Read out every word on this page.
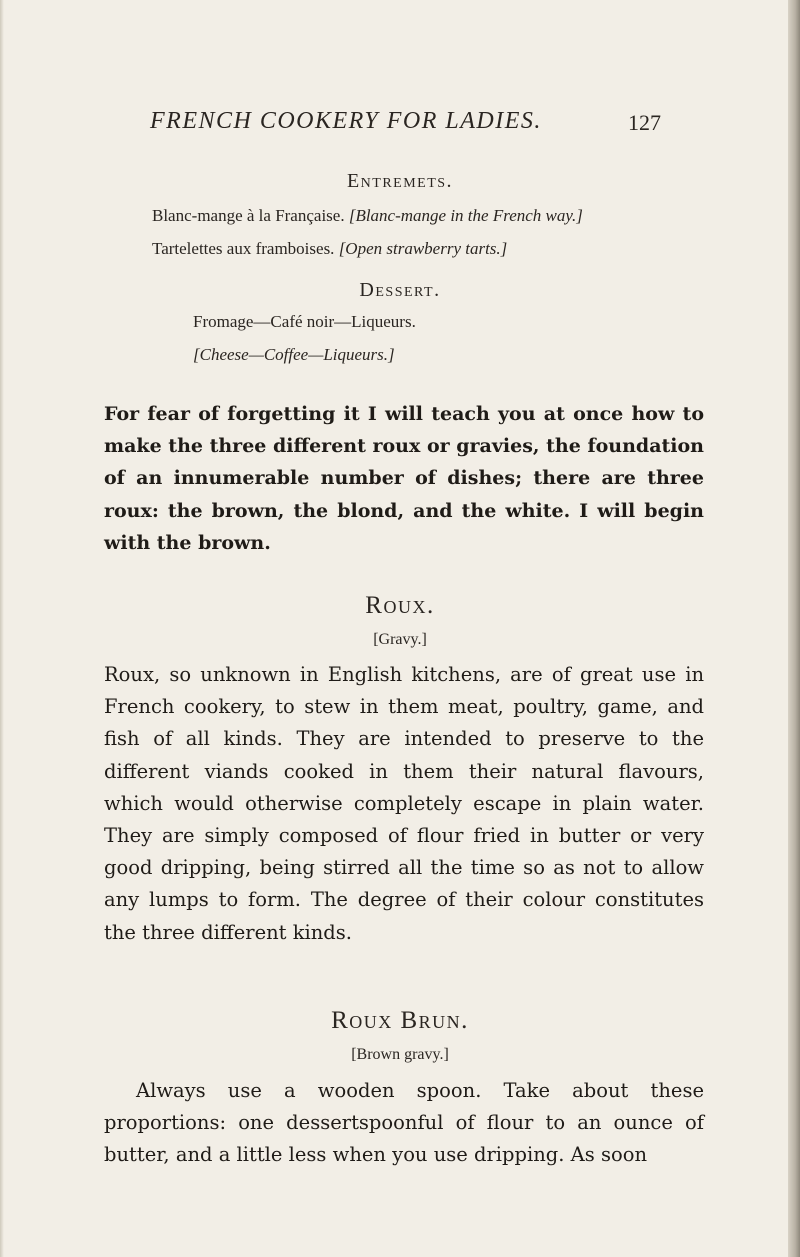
FRENCH COOKERY FOR LADIES.	127
Entremets.
Blanc-mange à la Française. [Blanc-mange in the French way.]
Tartelettes aux framboises. [Open strawberry tarts.]
Dessert.
Fromage—Café noir—Liqueurs.
[Cheese—Coffee—Liqueurs.]
For fear of forgetting it I will teach you at once how to make the three different roux or gravies, the foundation of an innumerable number of dishes; there are three roux: the brown, the blond, and the white. I will begin with the brown.
Roux.
[Gravy.]
Roux, so unknown in English kitchens, are of great use in French cookery, to stew in them meat, poultry, game, and fish of all kinds. They are intended to preserve to the different viands cooked in them their natural flavours, which would otherwise completely escape in plain water. They are simply composed of flour fried in butter or very good dripping, being stirred all the time so as not to allow any lumps to form. The degree of their colour constitutes the three different kinds.
Roux Brun.
[Brown gravy.]
Always use a wooden spoon. Take about these proportions: one dessertspoonful of flour to an ounce of butter, and a little less when you use dripping. As soon
